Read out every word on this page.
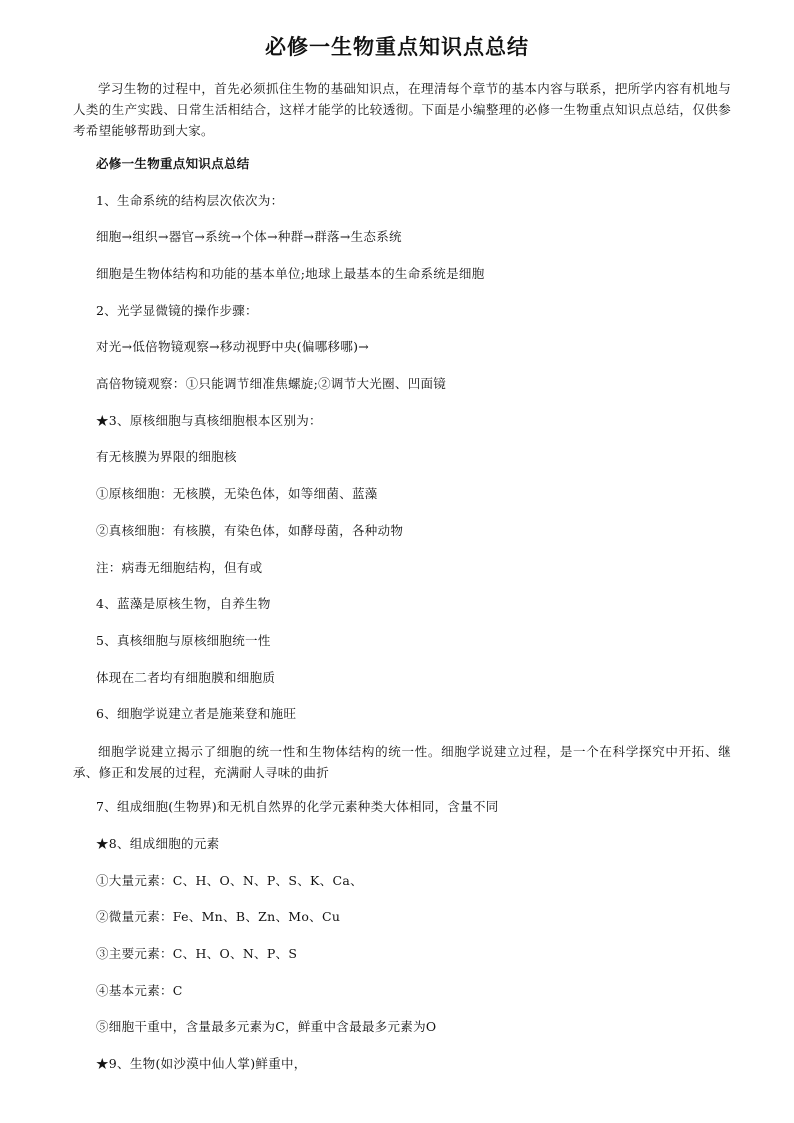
必修一生物重点知识点总结
学习生物的过程中，首先必须抓住生物的基础知识点，在理清每个章节的基本内容与联系，把所学内容有机地与人类的生产实践、日常生活相结合，这样才能学的比较透彻。下面是小编整理的必修一生物重点知识点总结，仅供参考希望能够帮助到大家。
必修一生物重点知识点总结
1、生命系统的结构层次依次为：
细胞→组织→器官→系统→个体→种群→群落→生态系统
细胞是生物体结构和功能的基本单位;地球上最基本的生命系统是细胞
2、光学显微镜的操作步骤：
对光→低倍物镜观察→移动视野中央(偏哪移哪)→
高倍物镜观察：①只能调节细准焦螺旋;②调节大光圈、凹面镜
★3、原核细胞与真核细胞根本区别为：
有无核膜为界限的细胞核
①原核细胞：无核膜，无染色体，如等细菌、蓝藻
②真核细胞：有核膜，有染色体，如酵母菌，各种动物
注：病毒无细胞结构，但有或
4、蓝藻是原核生物，自养生物
5、真核细胞与原核细胞统一性
体现在二者均有细胞膜和细胞质
6、细胞学说建立者是施莱登和施旺
细胞学说建立揭示了细胞的统一性和生物体结构的统一性。细胞学说建立过程，是一个在科学探究中开拓、继承、修正和发展的过程，充满耐人寻味的曲折
7、组成细胞(生物界)和无机自然界的化学元素种类大体相同，含量不同
★8、组成细胞的元素
①大量元素：C、H、O、N、P、S、K、Ca、
②微量元素：Fe、Mn、B、Zn、Mo、Cu
③主要元素：C、H、O、N、P、S
④基本元素：C
⑤细胞干重中，含量最多元素为C，鲜重中含最最多元素为O
★9、生物(如沙漠中仙人掌)鲜重中，
